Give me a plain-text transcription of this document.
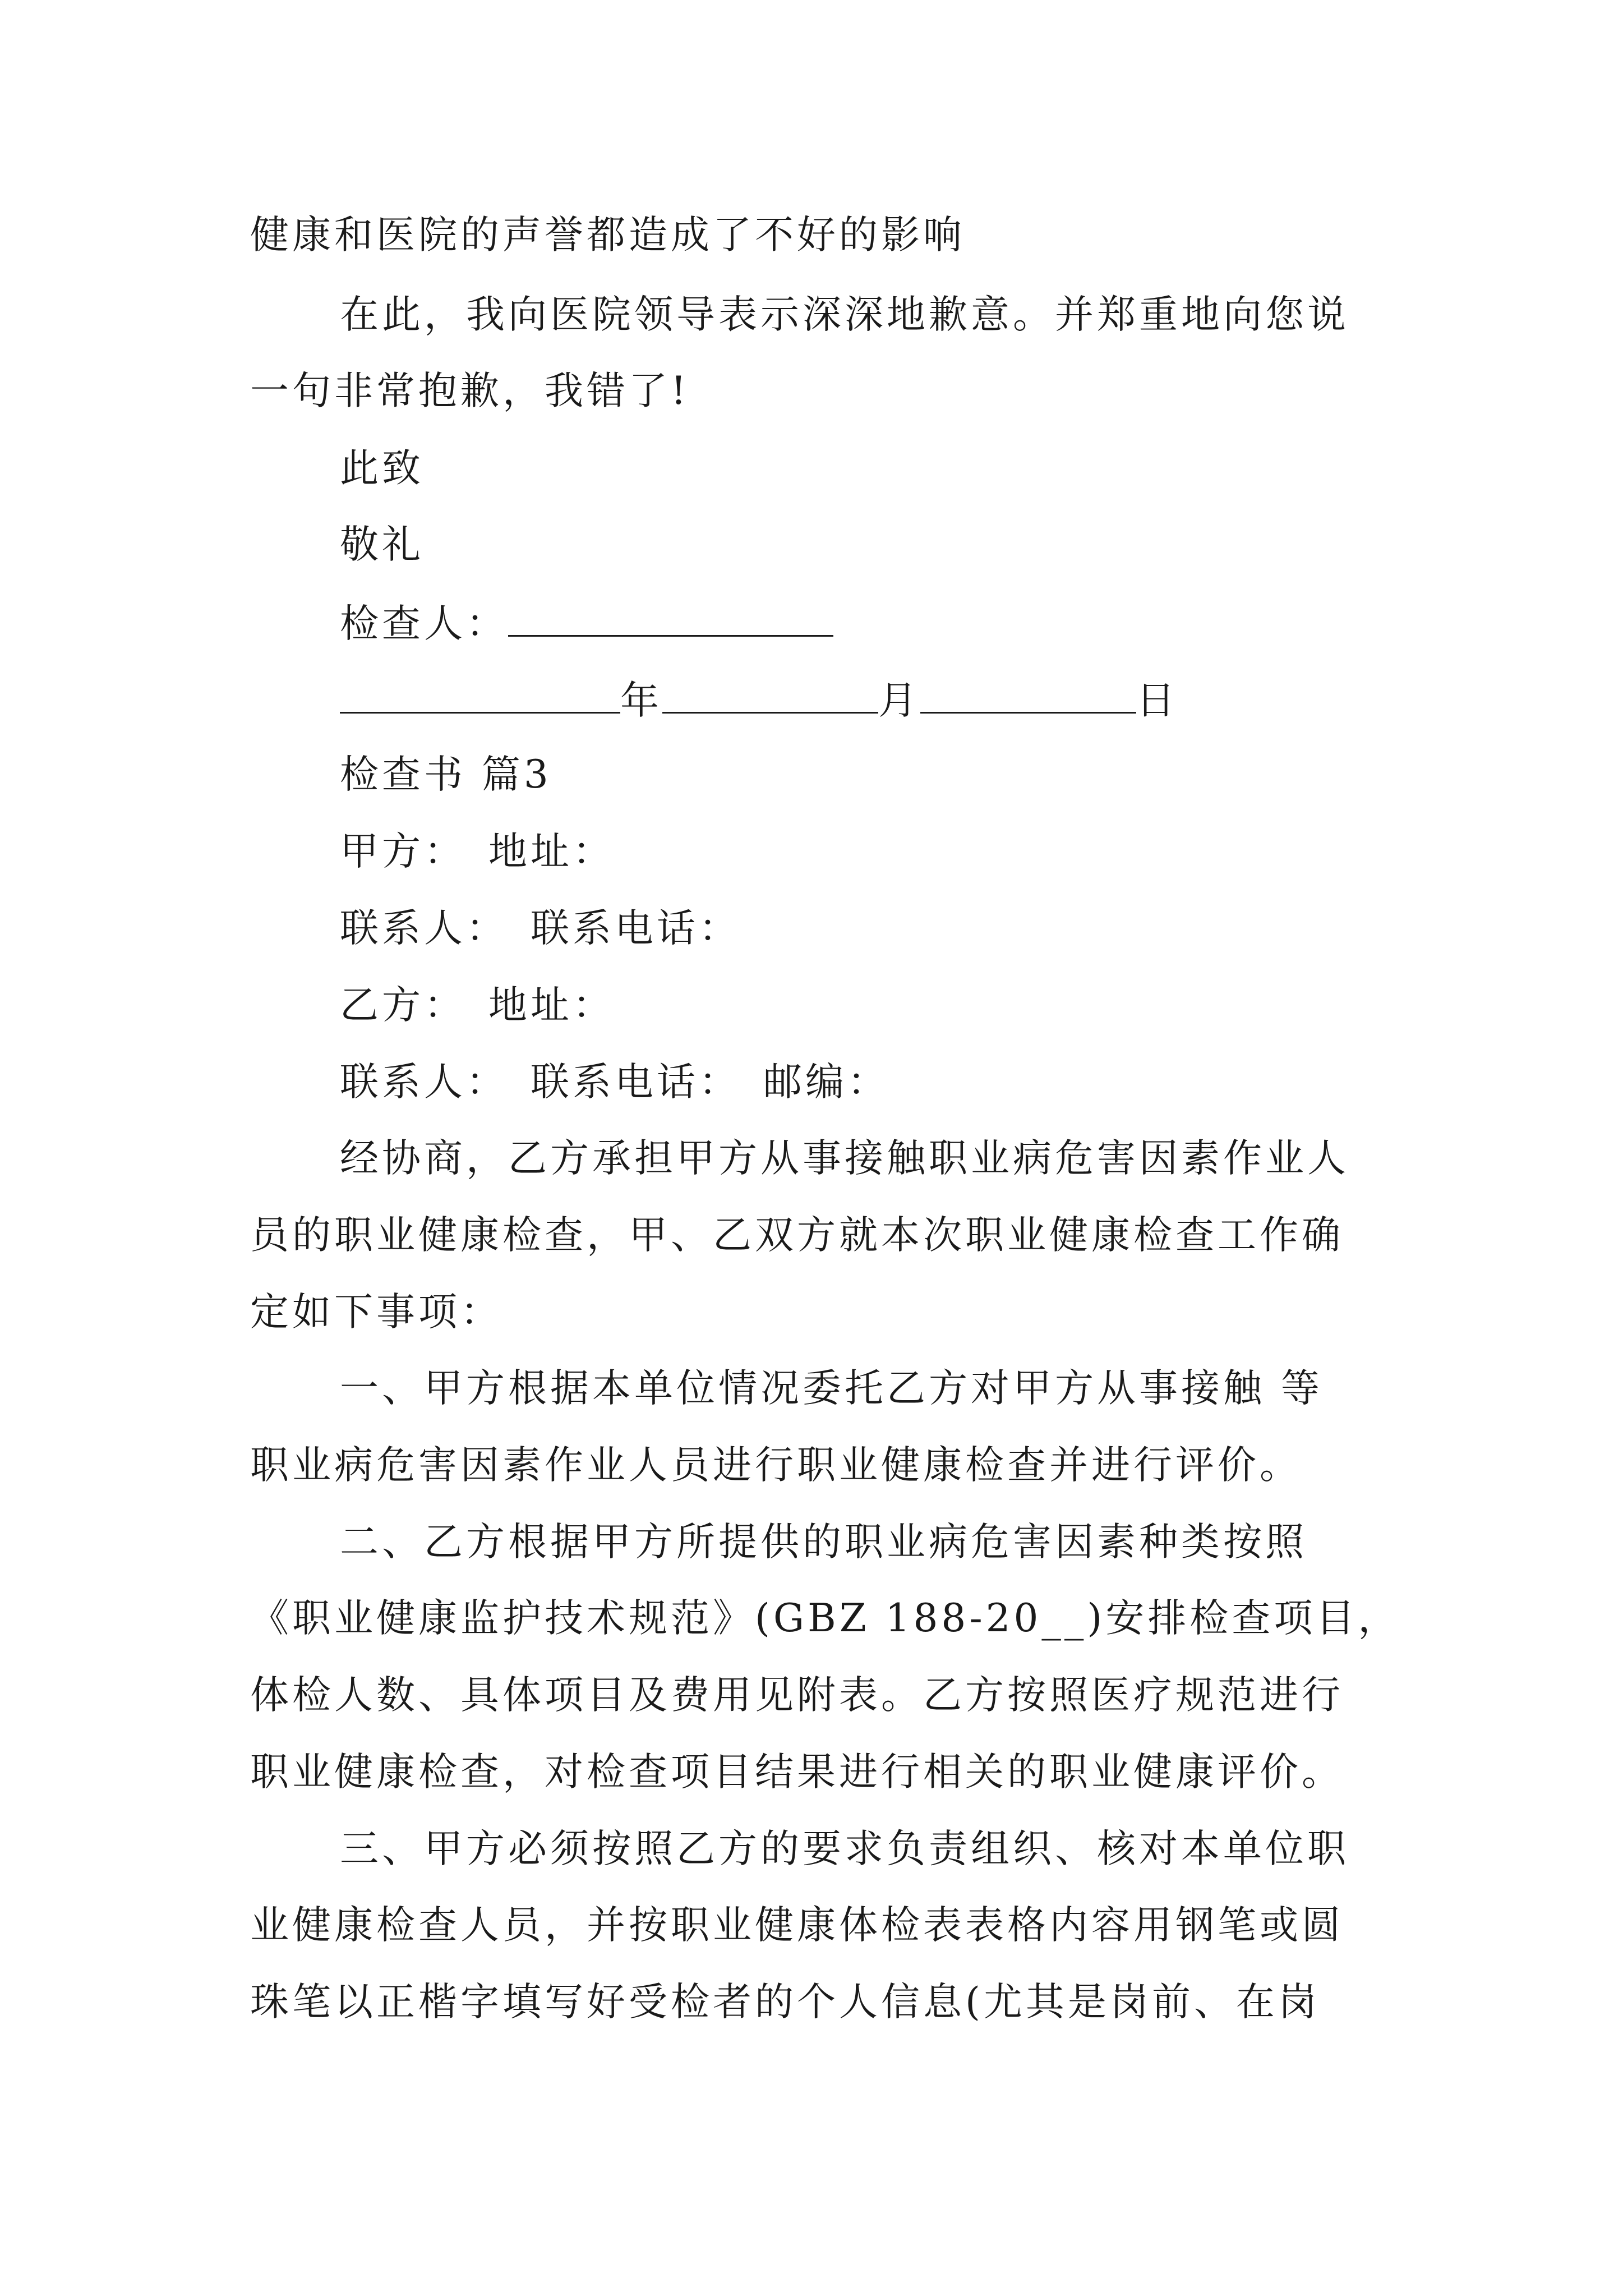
健康和医院的声誉都造成了不好的影响
在此，我向医院领导表示深深地歉意。并郑重地向您说
一句非常抱歉，我错了!
此致
敬礼
检查人：
年	月	日
检查书 篇3
甲方： 地址：
联系人： 联系电话：
乙方： 地址：
联系人： 联系电话： 邮编：
经协商，乙方承担甲方从事接触职业病危害因素作业人
员的职业健康检查，甲、乙双方就本次职业健康检查工作确
定如下事项：
一、甲方根据本单位情况委托乙方对甲方从事接触 等
职业病危害因素作业人员进行职业健康检查并进行评价。
二、乙方根据甲方所提供的职业病危害因素种类按照
《职业健康监护技术规范》(GBZ 188-20__)安排检查项目，
体检人数、具体项目及费用见附表。乙方按照医疗规范进行
职业健康检查，对检查项目结果进行相关的职业健康评价。
三、甲方必须按照乙方的要求负责组织、核对本单位职
业健康检查人员，并按职业健康体检表表格内容用钢笔或圆
珠笔以正楷字填写好受检者的个人信息(尤其是岗前、在岗
